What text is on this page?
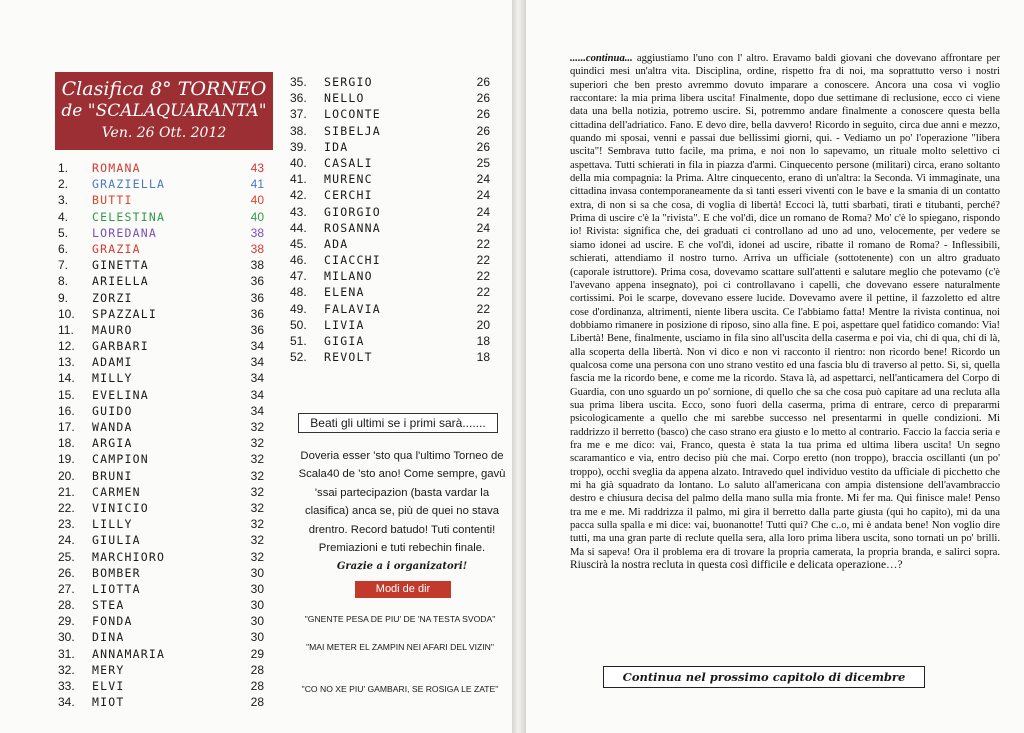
Clasifica 8° TORNEO
de "SCALAQUARANTA"
Ven. 26 Ott. 2012
1.	ROMANA	43
2.	GRAZIELLA	41
3.	BUTTI	40
4.	CELESTINA	40
5.	LOREDANA	38
6.	GRAZIA	38
7.	GINETTA	38
8.	ARIELLA	36
9.	ZORZI	36
10.	SPAZZALI	36
11.	MAURO	36
12.	GARBARI	34
13.	ADAMI	34
14.	MILLY	34
15.	EVELINA	34
16.	GUIDO	34
17.	WANDA	32
18.	ARGIA	32
19.	CAMPION	32
20.	BRUNI	32
21.	CARMEN	32
22.	VINICIO	32
23.	LILLY	32
24.	GIULIA	32
25.	MARCHIORO	32
26.	BOMBER	30
27.	LIOTTA	30
28.	STEA	30
29.	FONDA	30
30.	DINA	30
31.	ANNAMARIA	29
32.	MERY	28
33.	ELVI	28
34.	MIOT	28
35.	SERGIO	26
36.	NELLO	26
37.	LOCONTE	26
38.	SIBELJA	26
39.	IDA	26
40.	CASALI	25
41.	MURENC	24
42.	CERCHI	24
43.	GIORGIO	24
44.	ROSANNA	24
45.	ADA	22
46.	CIACCHI	22
47.	MILANO	22
48.	ELENA	22
49.	FALAVIA	22
50.	LIVIA	20
51.	GIGIA	18
52.	REVOLT	18
Beati gli ultimi se i primi sarà.......
Doveria esser 'sto qua l'ultimo Torneo de Scala40 de 'sto ano! Come sempre, gavù 'ssai partecipazion (basta vardar la clasifica) anca se, più de quei no stava drentro. Record batudo! Tuti contenti! Premiazioni e tuti rebechin finale.
Grazie a i organizatori!
Modi de dir
"GNENTE PESA DE PIU' DE 'NA TESTA SVODA"
"MAI METER EL ZAMPIN NEI AFARI DEL VIZIN"
"CO NO XE PIU' GAMBARI, SE ROSIGA LE ZATE"

......continua... aggiustiamo l'uno con l' altro. Eravamo baldi giovani che dovevano affrontare per quindici mesi un'altra vita. Disciplina, ordine, rispetto fra di noi, ma soprattutto verso i nostri superiori che ben presto avremmo dovuto imparare a conoscere. Ancora una cosa vi voglio raccontare: la mia prima libera uscita! Finalmente, dopo due settimane di reclusione, ecco ci viene data una bella notizia, potremo uscire. Si, potremmo andare finalmente a conoscere questa bella cittadina dell'adriatico. Fano. E devo dire, bella davvero! Ricordo in seguito, circa due anni e mezzo, quando mi sposai, venni e passai due bellissimi giorni, qui. - Vediamo un po' l'operazione "libera uscita"! Sembrava tutto facile, ma prima, e noi non lo sapevamo, un rituale molto selettivo ci aspettava. Tutti schierati in fila in piazza d'armi. Cinquecento persone (militari) circa, erano soltanto della mia compagnia: la Prima. Altre cinquecento, erano di un'altra: la Seconda. Vi immaginate, una cittadina invasa contemporaneamente da sì tanti esseri viventi con le bave e la smania di un contatto extra, di non si sa che cosa, di voglia di libertà! Eccoci là, tutti sbarbati, tirati e titubanti, perché? Prima di uscire c'è la "rivista". E che vol'dì, dice un romano de Roma? Mo' c'è lo spiegano, rispondo io! Rivista: significa che, dei graduati ci controllano ad uno ad uno, velocemente, per vedere se siamo idonei ad uscire. E che vol'dì, idonei ad uscire, ribatte il romano de Roma? - Inflessibili, schierati, attendiamo il nostro turno. Arriva un ufficiale (sottotenente) con un altro graduato (caporale istruttore). Prima cosa, dovevamo scattare sull'attenti e salutare meglio che potevamo (c'è l'avevano appena insegnato), poi ci controllavano i capelli, che dovevano essere naturalmente cortissimi. Poi le scarpe, dovevano essere lucide. Dovevamo avere il pettine, il fazzoletto ed altre cose d'ordinanza, altrimenti, niente libera uscita. Ce l'abbiamo fatta! Mentre la rivista continua, noi dobbiamo rimanere in posizione di riposo, sino alla fine. E poi, aspettare quel fatidico comando: Via! Libertà! Bene, finalmente, usciamo in fila sino all'uscita della caserma e poi via, chi di qua, chi di là, alla scoperta della libertà. Non vi dico e non vi racconto il rientro: non ricordo bene! Ricordo un qualcosa come una persona con uno strano vestito ed una fascia blu di traverso al petto. Sì, sì, quella fascia me la ricordo bene, e come me la ricordo. Stava là, ad aspettarci, nell'anticamera del Corpo di Guardia, con uno sguardo un po' sornione, di quello che sa che cosa può capitare ad una recluta alla sua prima libera uscita. Ecco, sono fuori della caserma, prima di entrare, cerco di prepararmi psicologicamente a quello che mi sarebbe successo nel presentarmi in quelle condizioni. Mi raddrizzo il berretto (basco) che caso strano era giusto e lo metto al contrario. Faccio la faccia seria e fra me e me dico: vai, Franco, questa è stata la tua prima ed ultima libera uscita! Un segno scaramantico e via, entro deciso più che mai. Corpo eretto (non troppo), braccia oscillanti (un po' troppo), occhi sveglia da appena alzato. Intravedo quel individuo vestito da ufficiale di picchetto che mi ha già squadrato da lontano. Lo saluto all'americana con ampia distensione dell'avambraccio destro e chiusura decisa del palmo della mano sulla mia fronte. Mi fer ma. Qui finisce male! Penso tra me e me. Mi raddrizza il palmo, mi gira il berretto dalla parte giusta (qui ho capito), mi da una pacca sulla spalla e mi dice: vai, buonanotte! Tutti qui? Che c..o, mi è andata bene! Non voglio dire tutti, ma una gran parte di reclute quella sera, alla loro prima libera uscita, sono tornati un po' brilli. Ma si sapeva! Ora il problema era di trovare la propria camerata, la propria branda, e salirci sopra. Riuscirà la nostra recluta in questa così difficile e delicata operazione…?

Continua nel prossimo capitolo di dicembre
